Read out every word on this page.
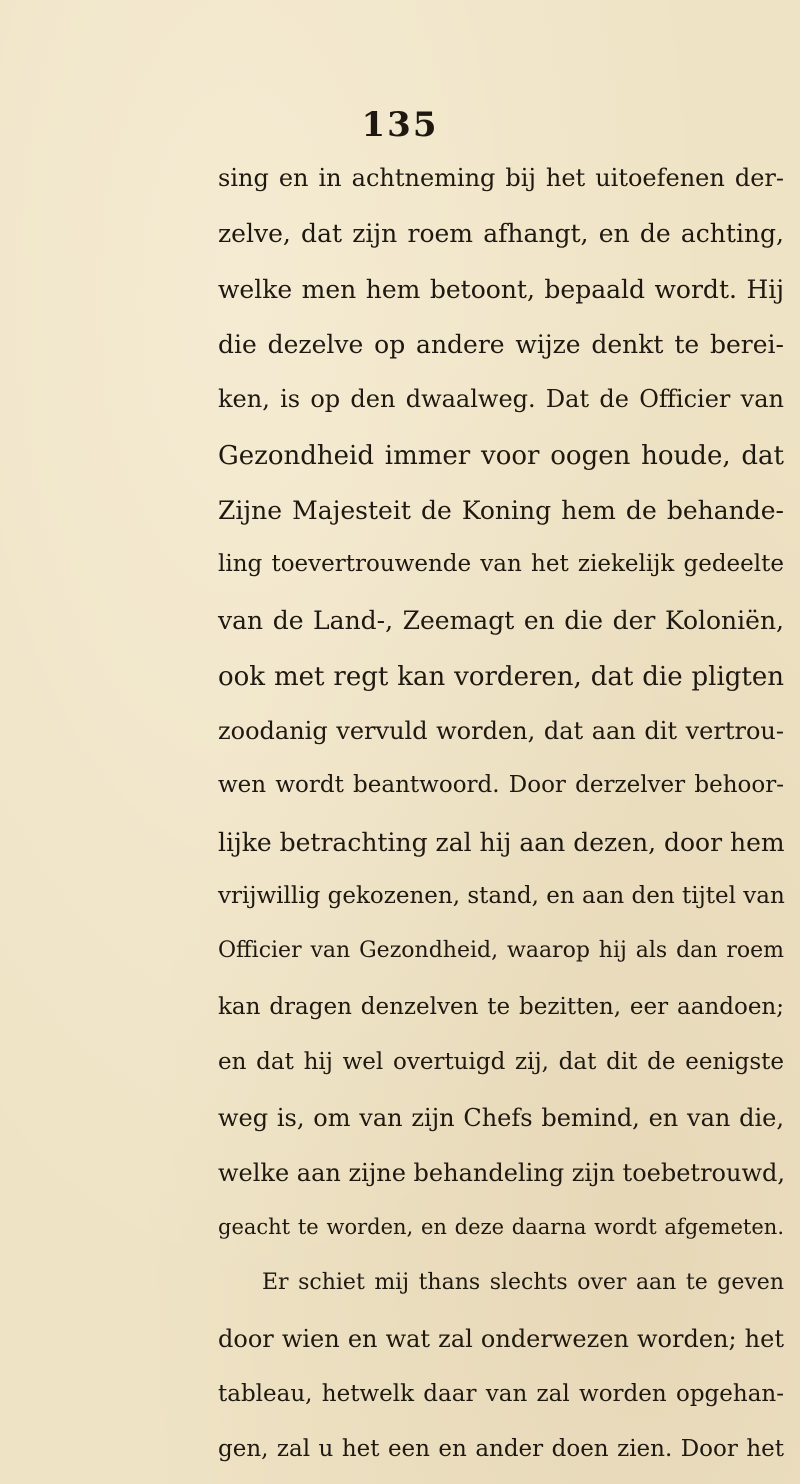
135

sing en in achtneming bij het uitoefenen der-

zelve, dat zijn roem afhangt, en de achting,

welke men hem betoont, bepaald wordt. Hij

die dezelve op andere wijze denkt te berei-

ken, is op den dwaalweg. Dat de Officier van

Gezondheid immer voor oogen houde, dat

Zijne Majesteit de Koning hem de behande-

ling toevertrouwende van het ziekelijk gedeelte

van de Land-, Zeemagt en die der Koloniën,

ook met regt kan vorderen, dat die pligten

zoodanig vervuld worden, dat aan dit vertrou-

wen wordt beantwoord. Door derzelver behoor-

lijke betrachting zal hij aan dezen, door hem

vrijwillig gekozenen, stand, en aan den tijtel van

Officier van Gezondheid, waarop hij als dan roem

kan dragen denzelven te bezitten, eer aandoen;

en dat hij wel overtuigd zij, dat dit de eenigste

weg is, om van zijn Chefs bemind, en van die,

welke aan zijne behandeling zijn toebetrouwd,

geacht te worden, en deze daarna wordt afgemeten.

Er schiet mij thans slechts over aan te geven

door wien en wat zal onderwezen worden; het

tableau, hetwelk daar van zal worden opgehan-

gen, zal u het een en ander doen zien. Door het
